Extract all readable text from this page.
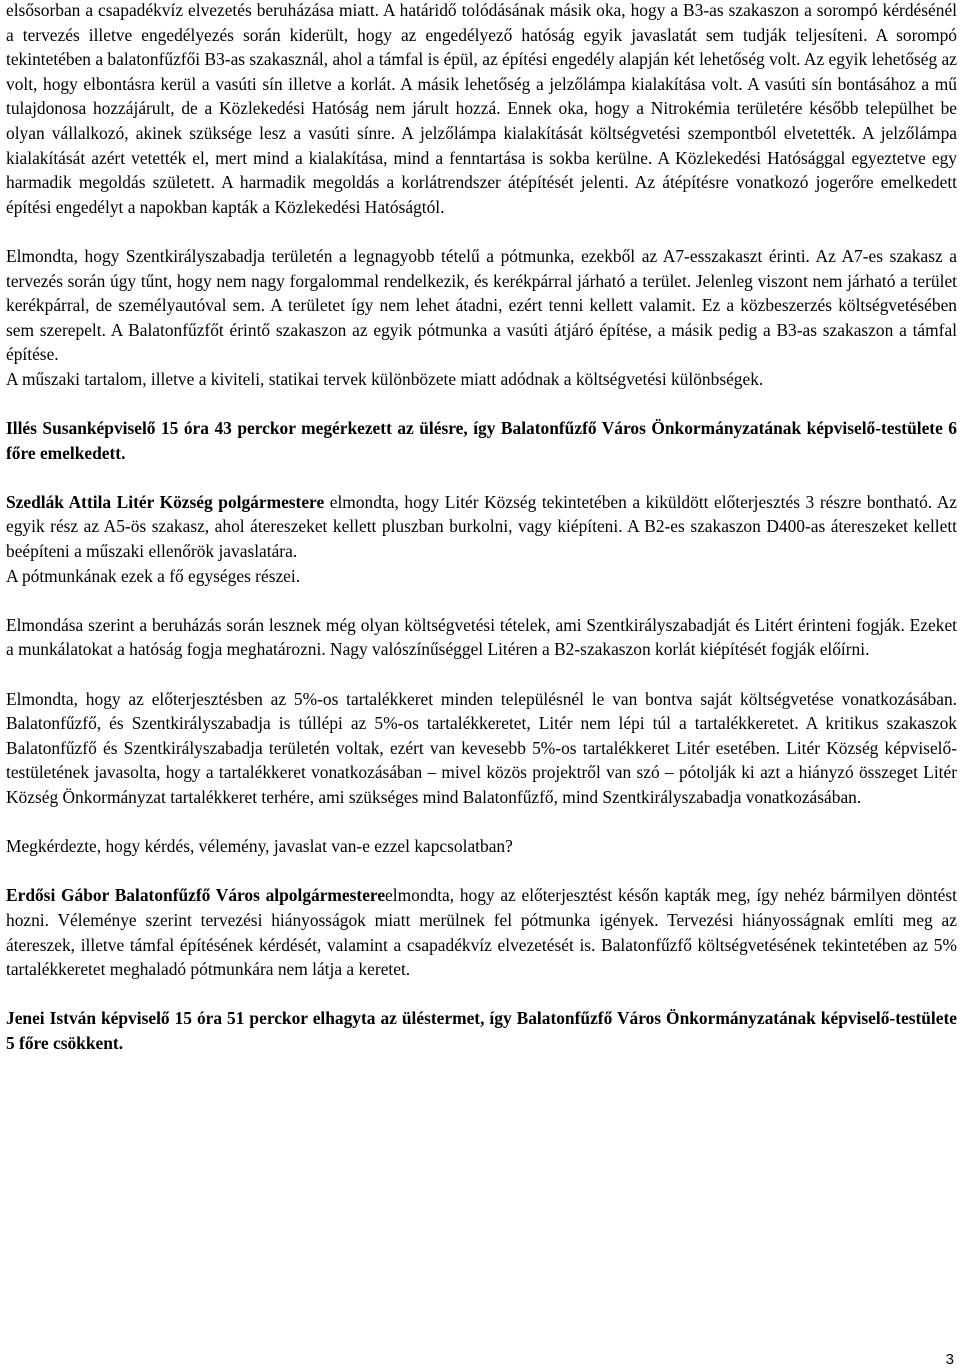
elsősorban a csapadékvíz elvezetés beruházása miatt. A határidő tolódásának másik oka, hogy a B3-as szakaszon a sorompó kérdésénél a tervezés illetve engedélyezés során kiderült, hogy az engedélyező hatóság egyik javaslatát sem tudják teljesíteni. A sorompó tekintetében a balatonfűzfői B3-as szakasznál, ahol a támfal is épül, az építési engedély alapján két lehetőség volt. Az egyik lehetőség az volt, hogy elbontásra kerül a vasúti sín illetve a korlát. A másik lehetőség a jelzőlámpa kialakítása volt. A vasúti sín bontásához a mű tulajdonosa hozzájárult, de a Közlekedési Hatóság nem járult hozzá. Ennek oka, hogy a Nitrokémia területére később települhet be olyan vállalkozó, akinek szüksége lesz a vasúti sínre. A jelzőlámpa kialakítását költségvetési szempontból elvetették. A jelzőlámpa kialakítását azért vetették el, mert mind a kialakítása, mind a fenntartása is sokba kerülne. A Közlekedési Hatósággal egyeztetve egy harmadik megoldás született. A harmadik megoldás a korlátrendszer átépítését jelenti. Az átépítésre vonatkozó jogerőre emelkedett építési engedélyt a napokban kapták a Közlekedési Hatóságtól.

Elmondta, hogy Szentkirályszabadja területén a legnagyobb tételű a pótmunka, ezekből az A7-esszakaszt érinti. Az A7-es szakasz a tervezés során úgy tűnt, hogy nem nagy forgalommal rendelkezik, és kerékpárral járható a terület. Jelenleg viszont nem járható a terület kerékpárral, de személyautóval sem. A területet így nem lehet átadni, ezért tenni kellett valamit. Ez a közbeszerzés költségvetésében sem szerepelt. A Balatonfűzfőt érintő szakaszon az egyik pótmunka a vasúti átjáró építése, a másik pedig a B3-as szakaszon a támfal építése.

A műszaki tartalom, illetve a kiviteli, statikai tervek különbözete miatt adódnak a költségvetési különbségek.

Illés Susanképviselő 15 óra 43 perckor megérkezett az ülésre, így Balatonfűzfő Város Önkormányzatának képviselő-testülete 6 főre emelkedett.

Szedlák Attila Litér Község polgármestere elmondta, hogy Litér Község tekintetében a kiküldött előterjesztés 3 részre bontható. Az egyik rész az A5-ös szakasz, ahol átereszeket kellett pluszban burkolni, vagy kiépíteni. A B2-es szakaszon D400-as átereszeket kellett beépíteni a műszaki ellenőrök javaslatára.

A pótmunkának ezek a fő egységes részei.

Elmondása szerint a beruházás során lesznek még olyan költségvetési tételek, ami Szentkirályszabadját és Litért érinteni fogják. Ezeket a munkálatokat a hatóság fogja meghatározni. Nagy valószínűséggel Litéren a B2-szakaszon korlát kiépítését fogják előírni.

Elmondta, hogy az előterjesztésben az 5%-os tartalékkeret minden településnél le van bontva saját költségvetése vonatkozásában. Balatonfűzfő, és Szentkirályszabadja is túllépi az 5%-os tartalékkeretet, Litér nem lépi túl a tartalékkeretet. A kritikus szakaszok Balatonfűzfő és Szentkirályszabadja területén voltak, ezért van kevesebb 5%-os tartalékkeret Litér esetében. Litér Község képviselő-testületének javasolta, hogy a tartalékkeret vonatkozásában – mivel közös projektről van szó – pótolják ki azt a hiányzó összeget Litér Község Önkormányzat tartalékkeret terhére, ami szükséges mind Balatonfűzfő, mind Szentkirályszabadja vonatkozásában.

Megkérdezte, hogy kérdés, vélemény, javaslat van-e ezzel kapcsolatban?

Erdősi Gábor Balatonfűzfő Város alpolgármestereelmondta, hogy az előterjesztést későn kapták meg, így nehéz bármilyen döntést hozni. Véleménye szerint tervezési hiányosságok miatt merülnek fel pótmunka igények. Tervezési hiányosságnak említi meg az átereszek, illetve támfal építésének kérdését, valamint a csapadékvíz elvezetését is. Balatonfűzfő költségvetésének tekintetében az 5% tartalékkeretet meghaladó pótmunkára nem látja a keretet.

Jenei István képviselő 15 óra 51 perckor elhagyta az üléstermet, így Balatonfűzfő Város Önkormányzatának képviselő-testülete 5 főre csökkent.

3
